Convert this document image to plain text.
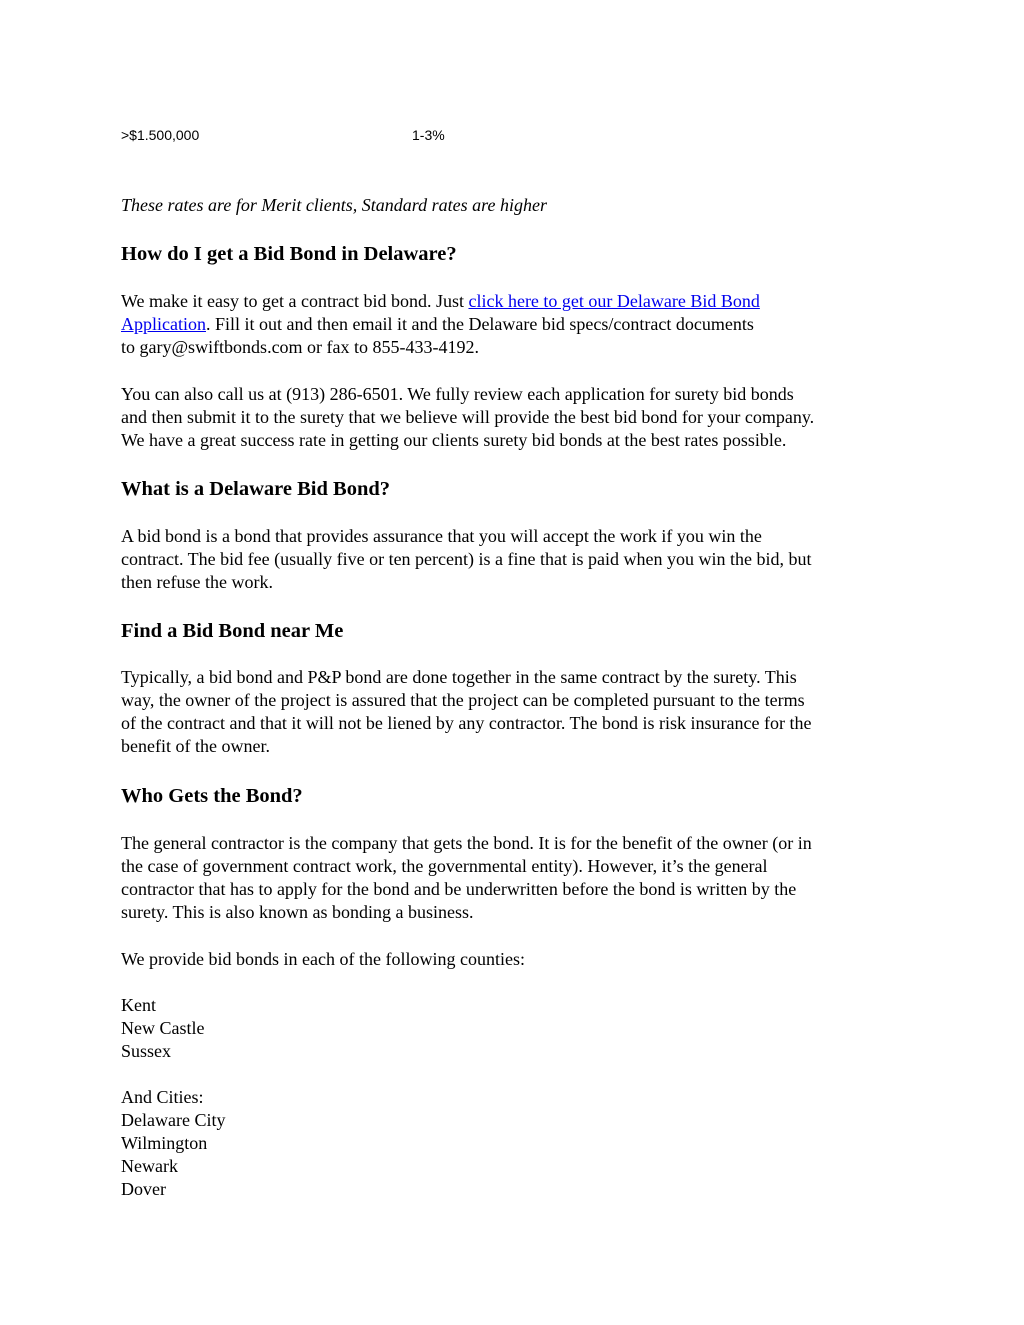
>$1.500,000	1-3%
These rates are for Merit clients, Standard rates are higher
How do I get a Bid Bond in Delaware?

We make it easy to get a contract bid bond. Just click here to get our Delaware Bid Bond
Application. Fill it out and then email it and the Delaware bid specs/contract documents
to gary@swiftbonds.com or fax to 855-433-4192.

You can also call us at (913) 286-6501. We fully review each application for surety bid bonds
and then submit it to the surety that we believe will provide the best bid bond for your company.
We have a great success rate in getting our clients surety bid bonds at the best rates possible.

What is a Delaware Bid Bond?

A bid bond is a bond that provides assurance that you will accept the work if you win the
contract. The bid fee (usually five or ten percent) is a fine that is paid when you win the bid, but
then refuse the work.

Find a Bid Bond near Me

Typically, a bid bond and P&P bond are done together in the same contract by the surety. This
way, the owner of the project is assured that the project can be completed pursuant to the terms
of the contract and that it will not be liened by any contractor. The bond is risk insurance for the
benefit of the owner.

Who Gets the Bond?

The general contractor is the company that gets the bond. It is for the benefit of the owner (or in
the case of government contract work, the governmental entity). However, it’s the general
contractor that has to apply for the bond and be underwritten before the bond is written by the
surety. This is also known as bonding a business.

We provide bid bonds in each of the following counties:

Kent
New Castle
Sussex

And Cities:
Delaware City
Wilmington
Newark
Dover
